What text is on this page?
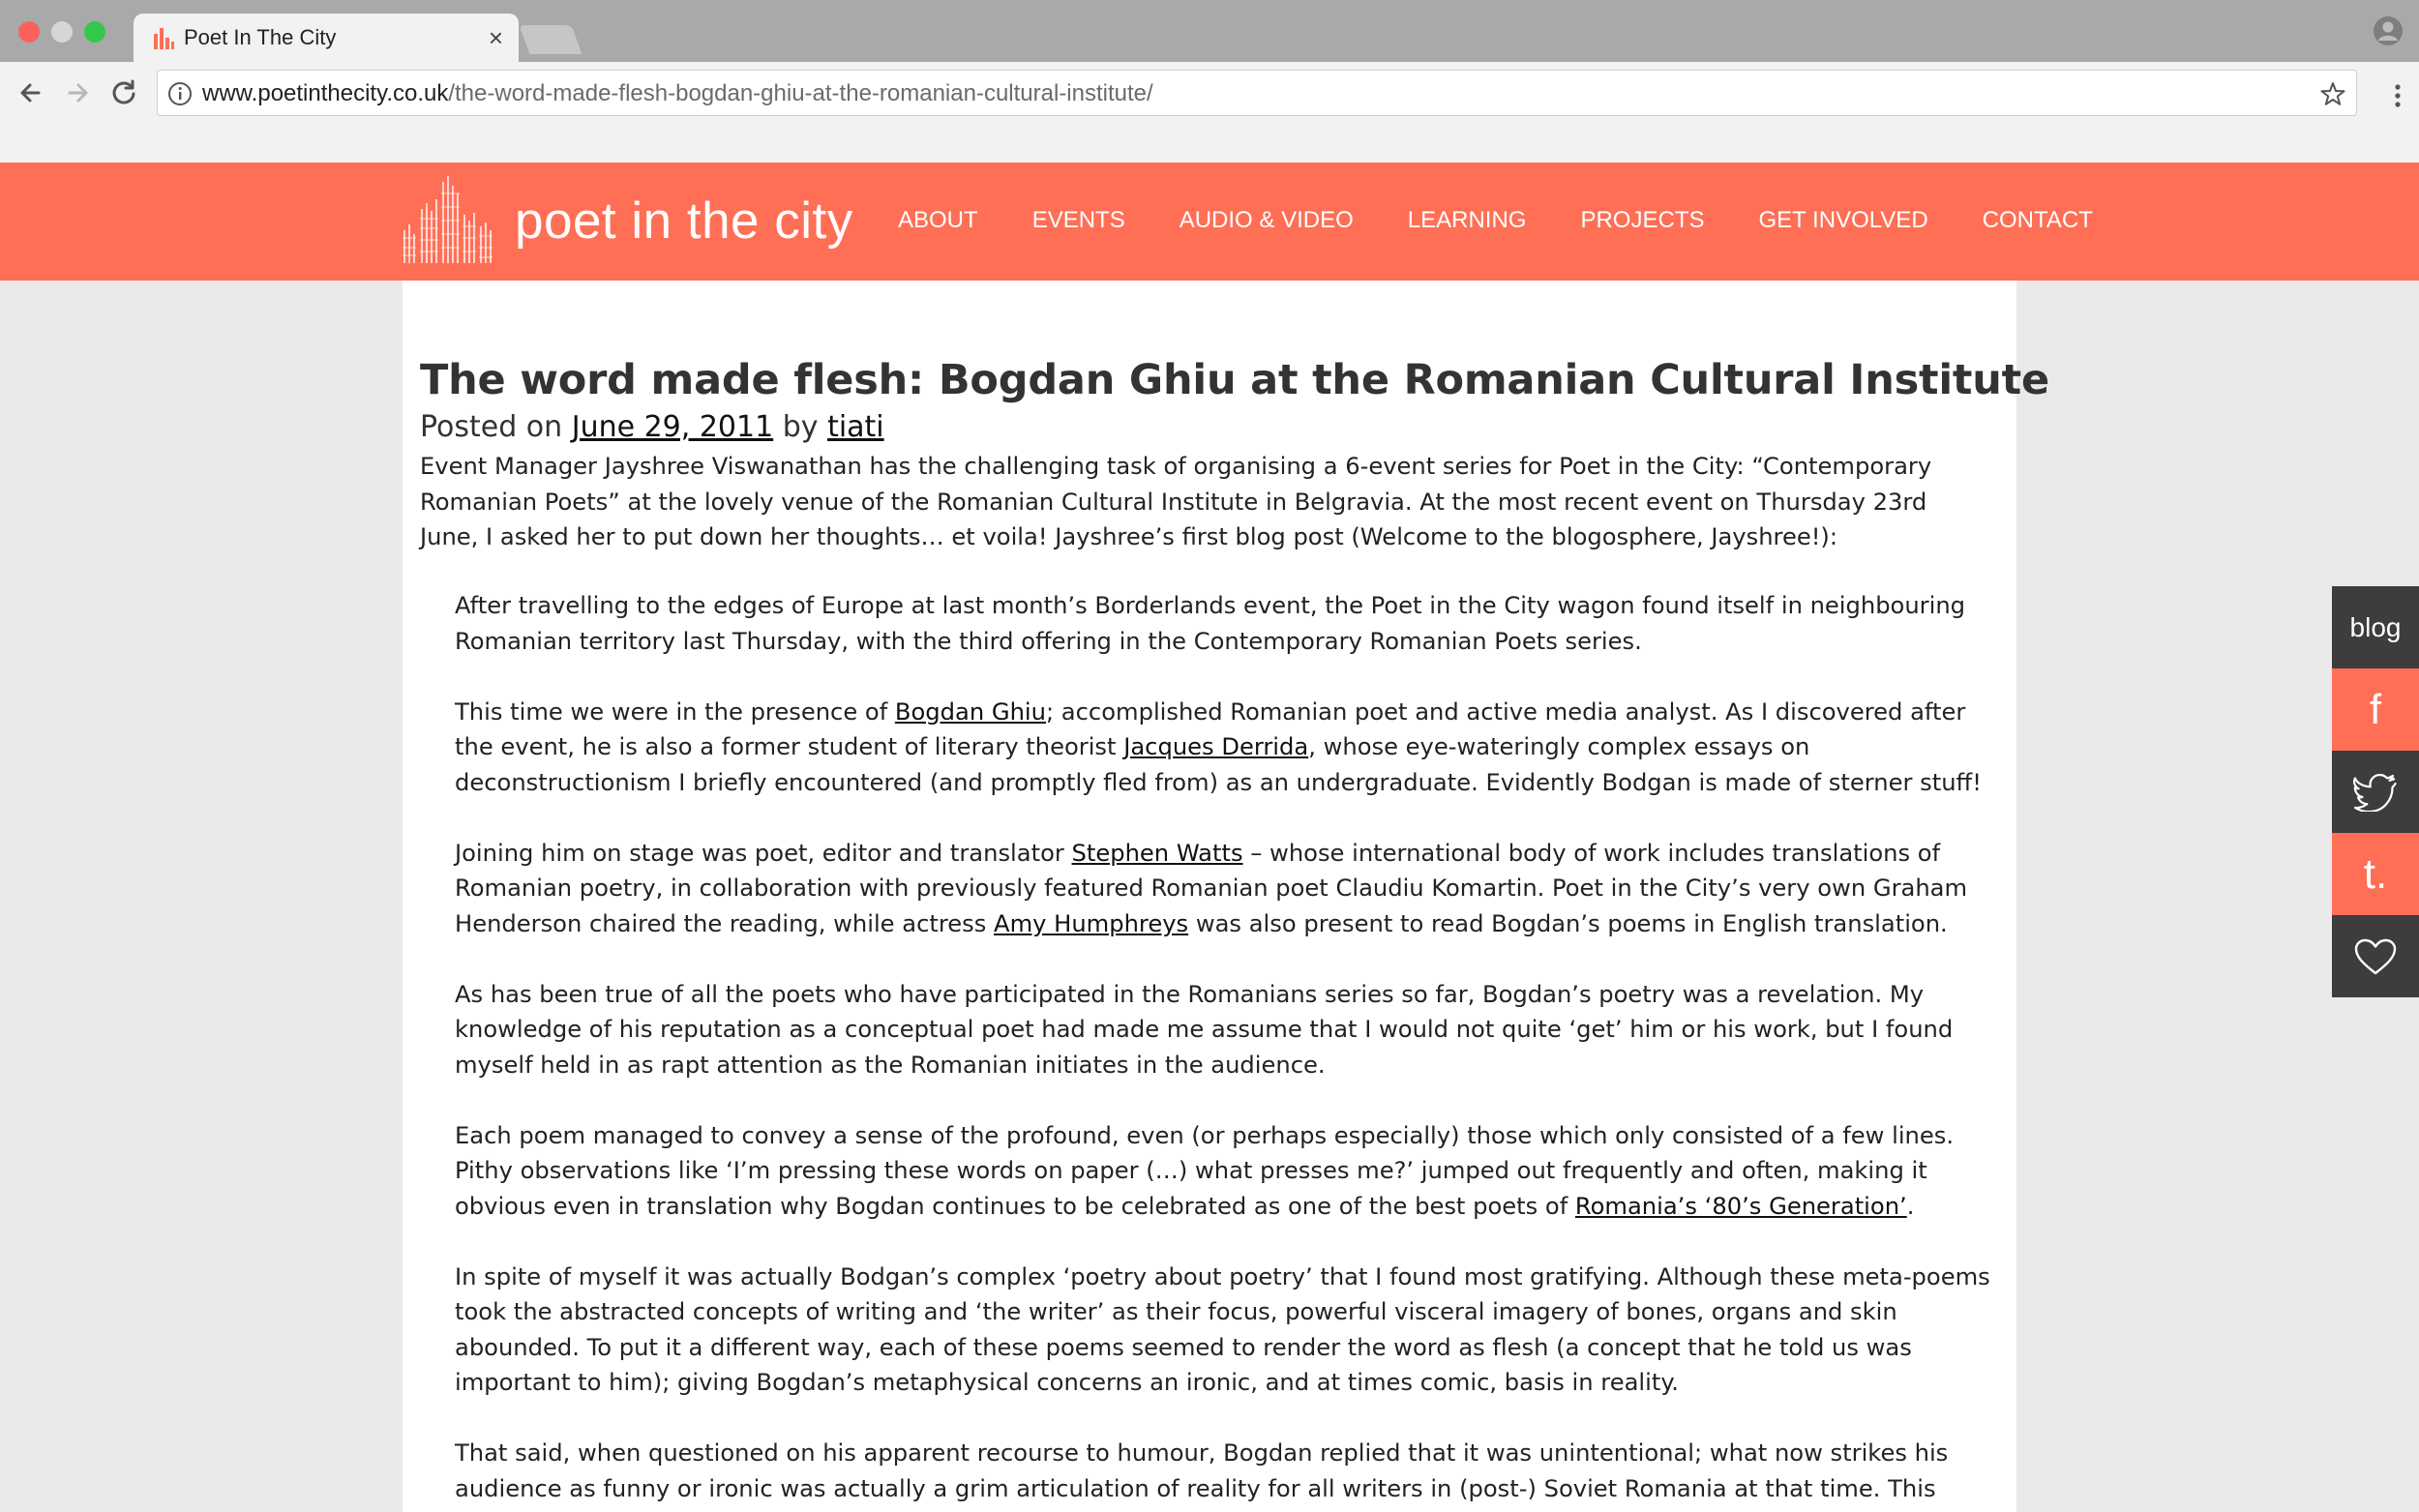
Poet In The City	×
www.poetinthecity.co.uk/the-word-made-flesh-bogdan-ghiu-at-the-romanian-cultural-institute/
poet in the city ABOUT EVENTS AUDIO & VIDEO LEARNING PROJECTS GET INVOLVED CONTACT
The word made flesh: Bogdan Ghiu at the Romanian Cultural Institute
Posted on June 29, 2011 by tiati

Event Manager Jayshree Viswanathan has the challenging task of organising a 6-event series for Poet in the City: “Contemporary Romanian Poets” at the lovely venue of the Romanian Cultural Institute in Belgravia. At the most recent event on Thursday 23rd June, I asked her to put down her thoughts… et voila! Jayshree’s first blog post (Welcome to the blogosphere, Jayshree!):

After travelling to the edges of Europe at last month’s Borderlands event, the Poet in the City wagon found itself in neighbouring Romanian territory last Thursday, with the third offering in the Contemporary Romanian Poets series.

This time we were in the presence of Bogdan Ghiu; accomplished Romanian poet and active media analyst. As I discovered after the event, he is also a former student of literary theorist Jacques Derrida, whose eye-wateringly complex essays on deconstructionism I briefly encountered (and promptly fled from) as an undergraduate. Evidently Bodgan is made of sterner stuff!

Joining him on stage was poet, editor and translator Stephen Watts – whose international body of work includes translations of Romanian poetry, in collaboration with previously featured Romanian poet Claudiu Komartin. Poet in the City’s very own Graham Henderson chaired the reading, while actress Amy Humphreys was also present to read Bogdan’s poems in English translation.

As has been true of all the poets who have participated in the Romanians series so far, Bogdan’s poetry was a revelation. My knowledge of his reputation as a conceptual poet had made me assume that I would not quite ‘get’ him or his work, but I found myself held in as rapt attention as the Romanian initiates in the audience.

Each poem managed to convey a sense of the profound, even (or perhaps especially) those which only consisted of a few lines. Pithy observations like ‘I’m pressing these words on paper (…) what presses me?’ jumped out frequently and often, making it obvious even in translation why Bogdan continues to be celebrated as one of the best poets of Romania’s ‘80’s Generation’.

In spite of myself it was actually Bodgan’s complex ‘poetry about poetry’ that I found most gratifying. Although these meta-poems took the abstracted concepts of writing and ‘the writer’ as their focus, powerful visceral imagery of bones, organs and skin abounded. To put it a different way, each of these poems seemed to render the word as flesh (a concept that he told us was important to him); giving Bogdan’s metaphysical concerns an ironic, and at times comic, basis in reality.

That said, when questioned on his apparent recourse to humour, Bogdan replied that it was unintentional; what now strikes his audience as funny or ironic was actually a grim articulation of reality for all writers in (post-) Soviet Romania at that time. This

blog
f
t.
